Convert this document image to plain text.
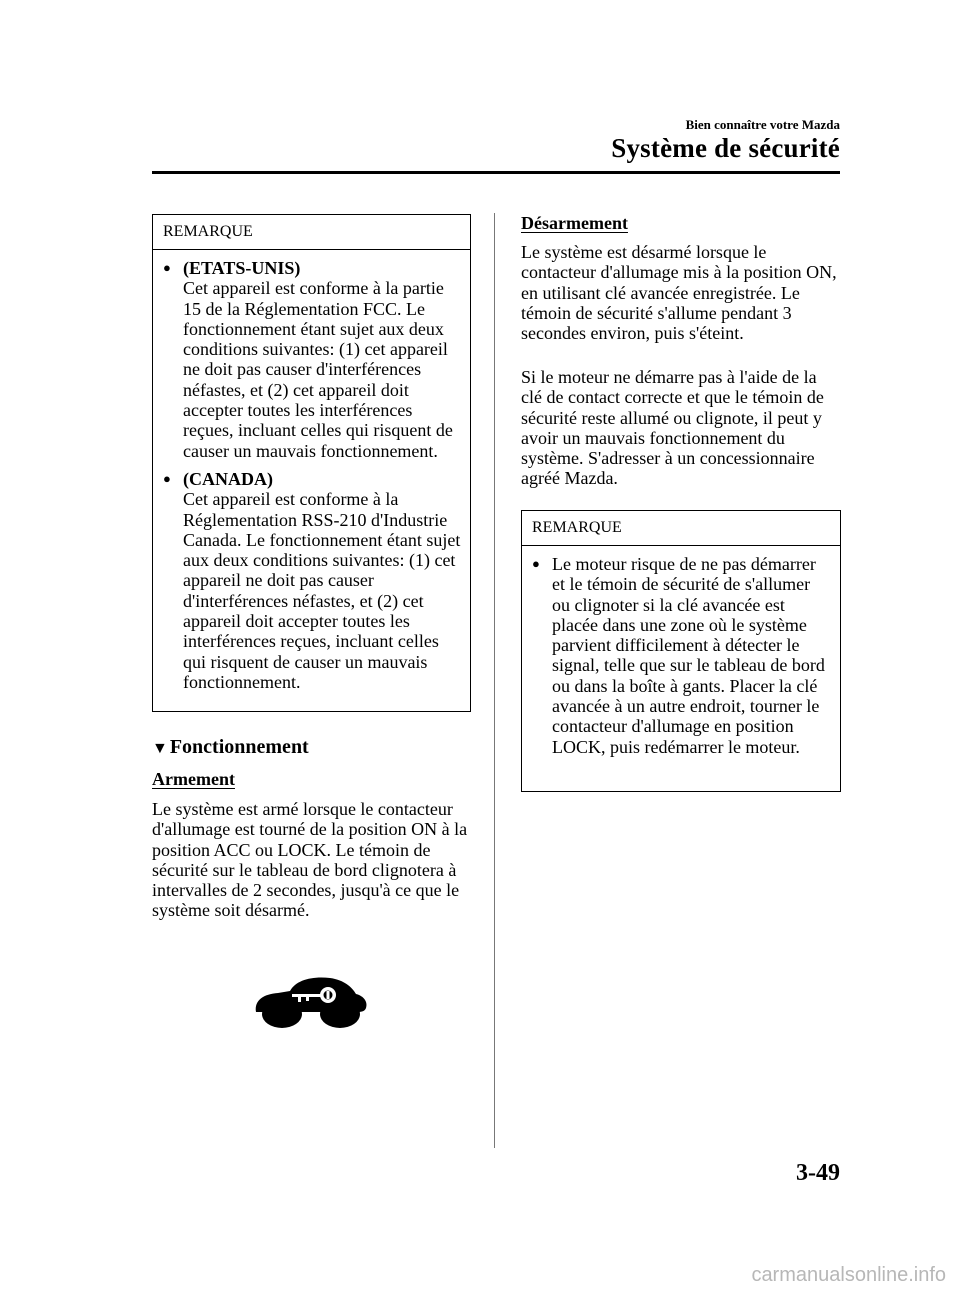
Bien connaître votre Mazda
Système de sécurité
REMARQUE
● (ETATS-UNIS)
Cet appareil est conforme à la partie 15 de la Réglementation FCC. Le fonctionnement étant sujet aux deux conditions suivantes: (1) cet appareil ne doit pas causer d'interférences néfastes, et (2) cet appareil doit accepter toutes les interférences reçues, incluant celles qui risquent de causer un mauvais fonctionnement.
● (CANADA)
Cet appareil est conforme à la Réglementation RSS-210 d'Industrie Canada. Le fonctionnement étant sujet aux deux conditions suivantes: (1) cet appareil ne doit pas causer d'interférences néfastes, et (2) cet appareil doit accepter toutes les interférences reçues, incluant celles qui risquent de causer un mauvais fonctionnement.
▼ Fonctionnement
Armement
Le système est armé lorsque le contacteur d'allumage est tourné de la position ON à la position ACC ou LOCK. Le témoin de sécurité sur le tableau de bord clignotera à intervalles de 2 secondes, jusqu'à ce que le système soit désarmé.
Désarmement
Le système est désarmé lorsque le contacteur d'allumage mis à la position ON, en utilisant clé avancée enregistrée. Le témoin de sécurité s'allume pendant 3 secondes environ, puis s'éteint.
Si le moteur ne démarre pas à l'aide de la clé de contact correcte et que le témoin de sécurité reste allumé ou clignote, il peut y avoir un mauvais fonctionnement du système. S'adresser à un concessionnaire agréé Mazda.
REMARQUE
● Le moteur risque de ne pas démarrer et le témoin de sécurité de s'allumer ou clignoter si la clé avancée est placée dans une zone où le système parvient difficilement à détecter le signal, telle que sur le tableau de bord ou dans la boîte à gants. Placer la clé avancée à un autre endroit, tourner le contacteur d'allumage en position LOCK, puis redémarrer le moteur.
3-49
carmanualsonline.info
